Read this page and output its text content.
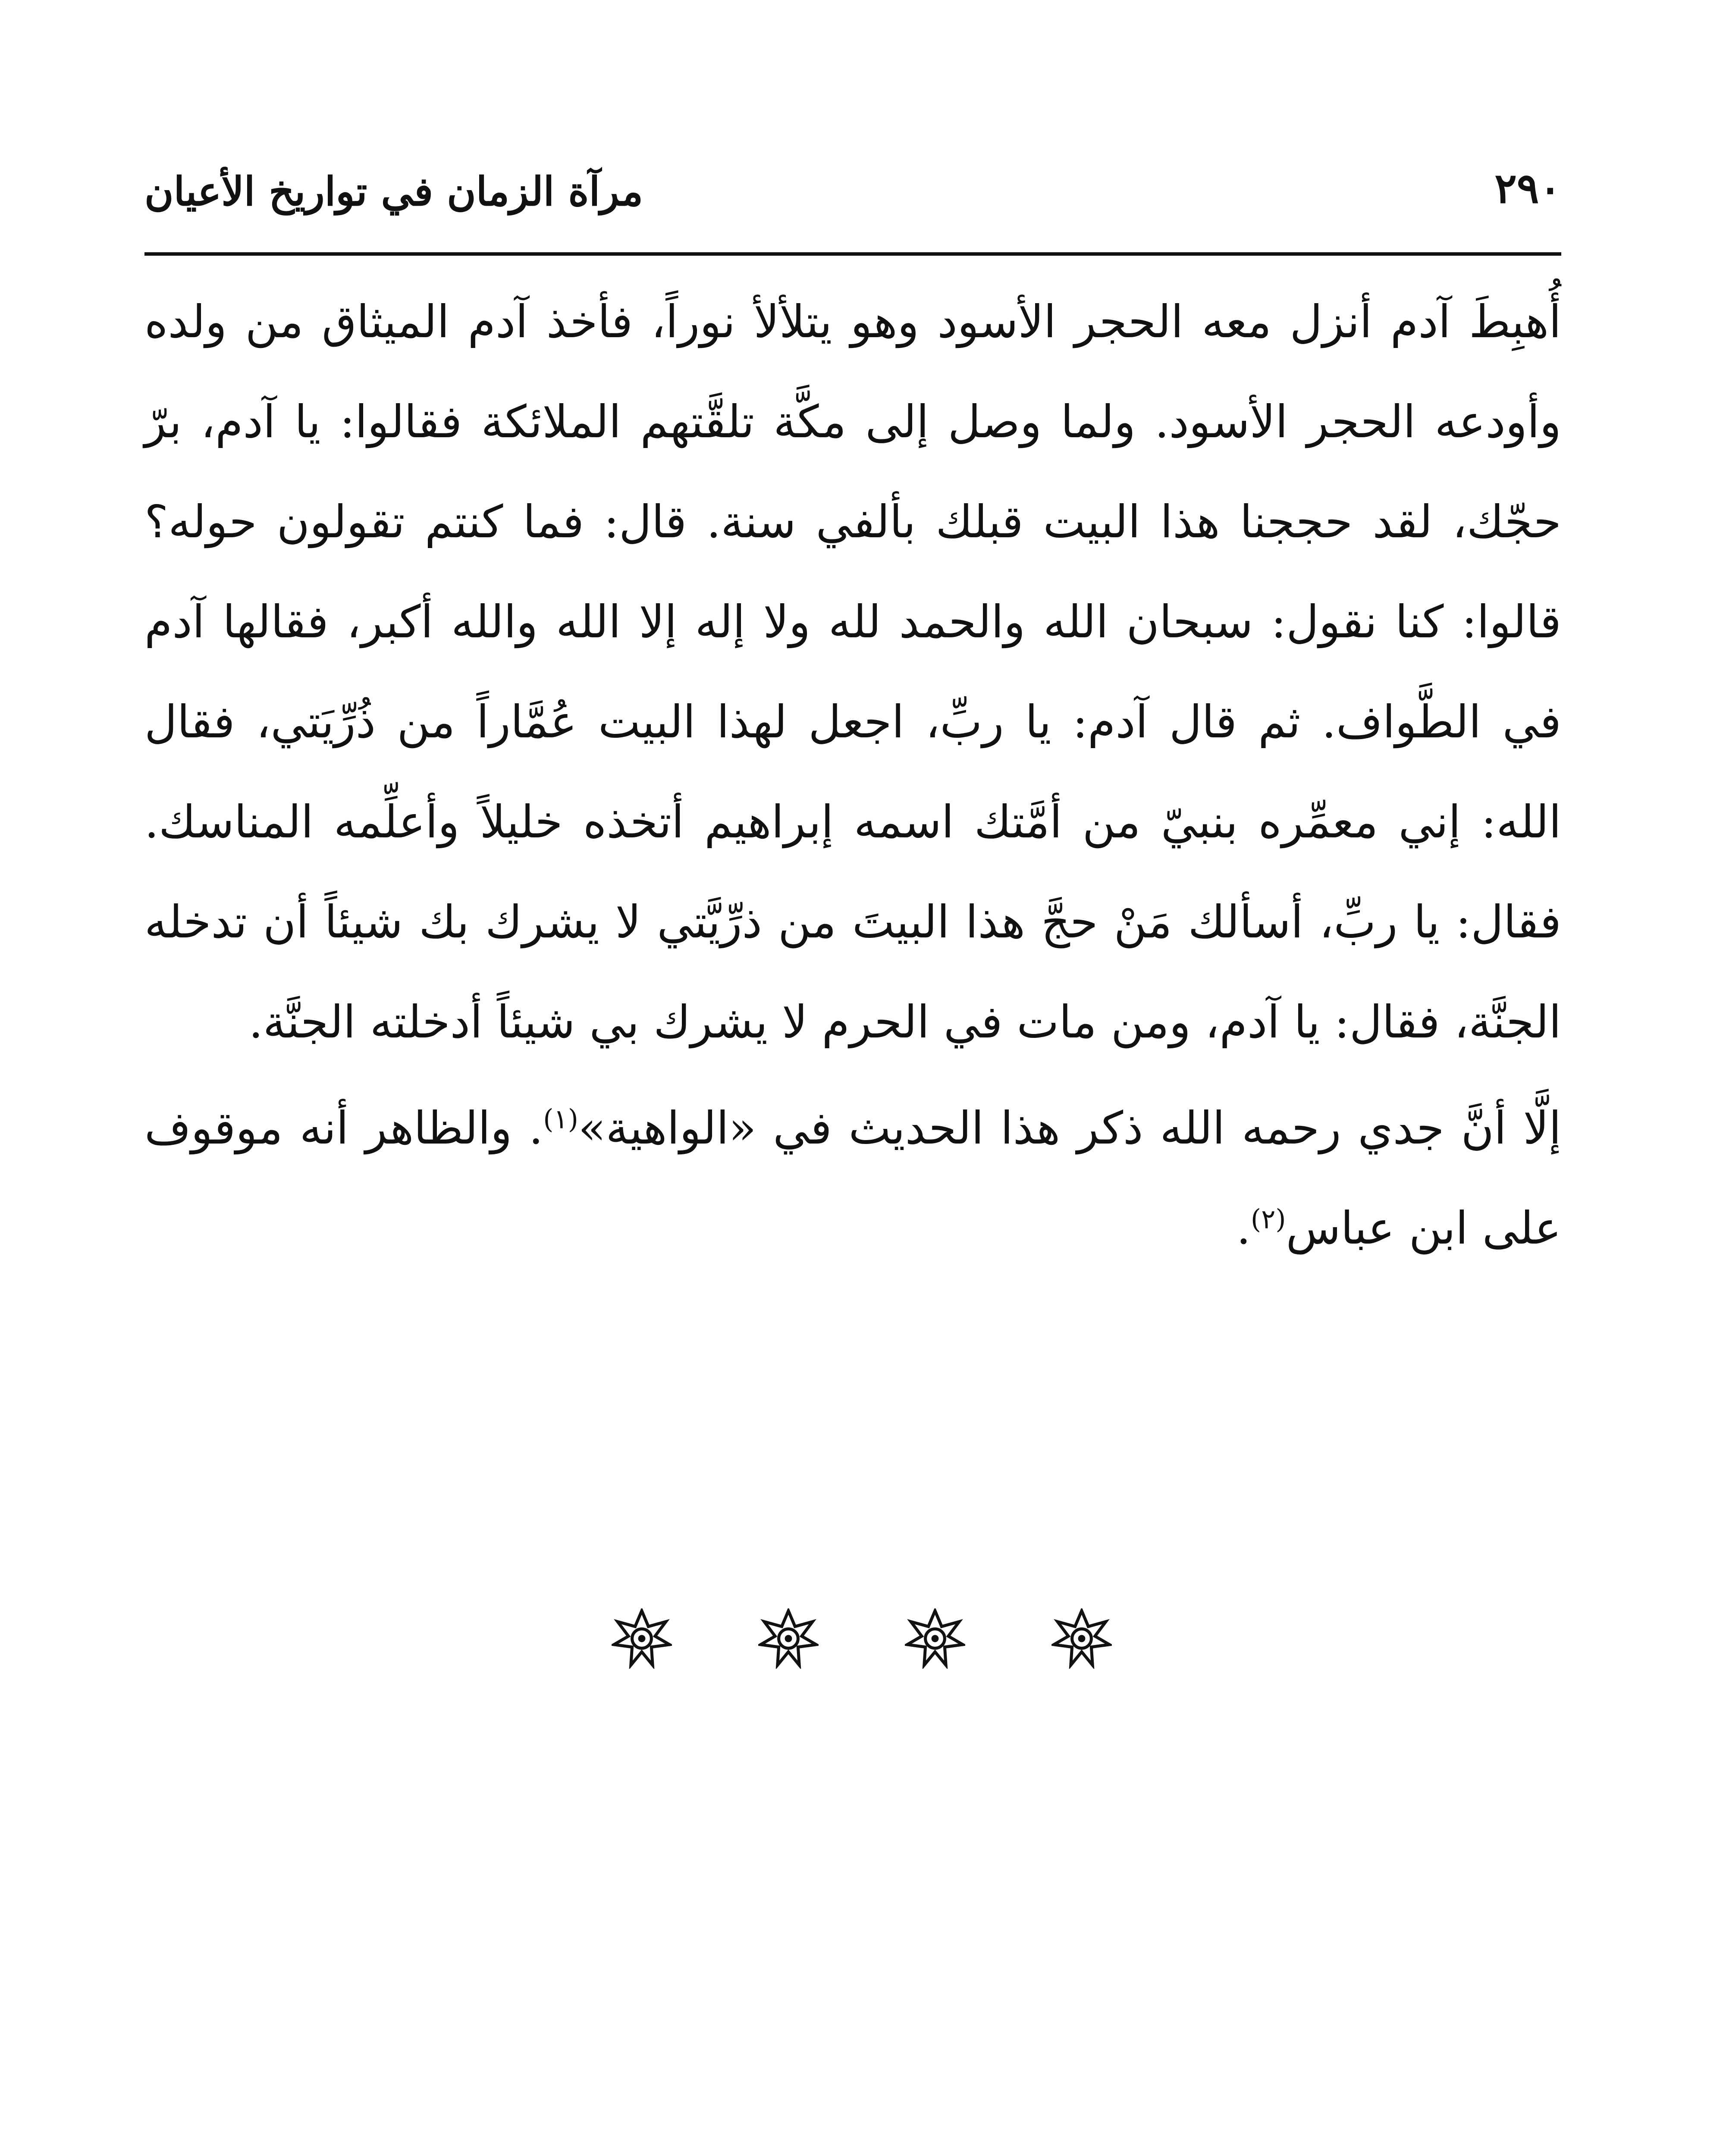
٢٩٠
مرآة الزمان في تواريخ الأعيان

أُهبِطَ آدم أنزل معه الحجر الأسود وهو يتلألأ نوراً، فأخذ آدم الميثاق من ولده وأودعه الحجر الأسود. ولما وصل إلى مكَّة تلقَّتهم الملائكة فقالوا: يا آدم، برّ حجّك، لقد حججنا هذا البيت قبلك بألفي سنة. قال: فما كنتم تقولون حوله؟ قالوا: كنا نقول: سبحان الله والحمد لله ولا إله إلا الله والله أكبر، فقالها آدم في الطَّواف. ثم قال آدم: يا ربِّ، اجعل لهذا البيت عُمَّاراً من ذُرِّيَتي، فقال الله: إني معمِّره بنبيّ من أمَّتك اسمه إبراهيم أتخذه خليلاً وأعلِّمه المناسك. فقال: يا ربِّ، أسألك مَنْ حجَّ هذا البيتَ من ذرِّيَّتي لا يشرك بك شيئاً أن تدخله الجنَّة، فقال: يا آدم، ومن مات في الحرم لا يشرك بي شيئاً أدخلته الجنَّة.

إلَّا أنَّ جدي رحمه الله ذكر هذا الحديث في «الواهية»$^{(١)}$. والظاهر أنه موقوف على ابن عباس$^{(٢)}$.
